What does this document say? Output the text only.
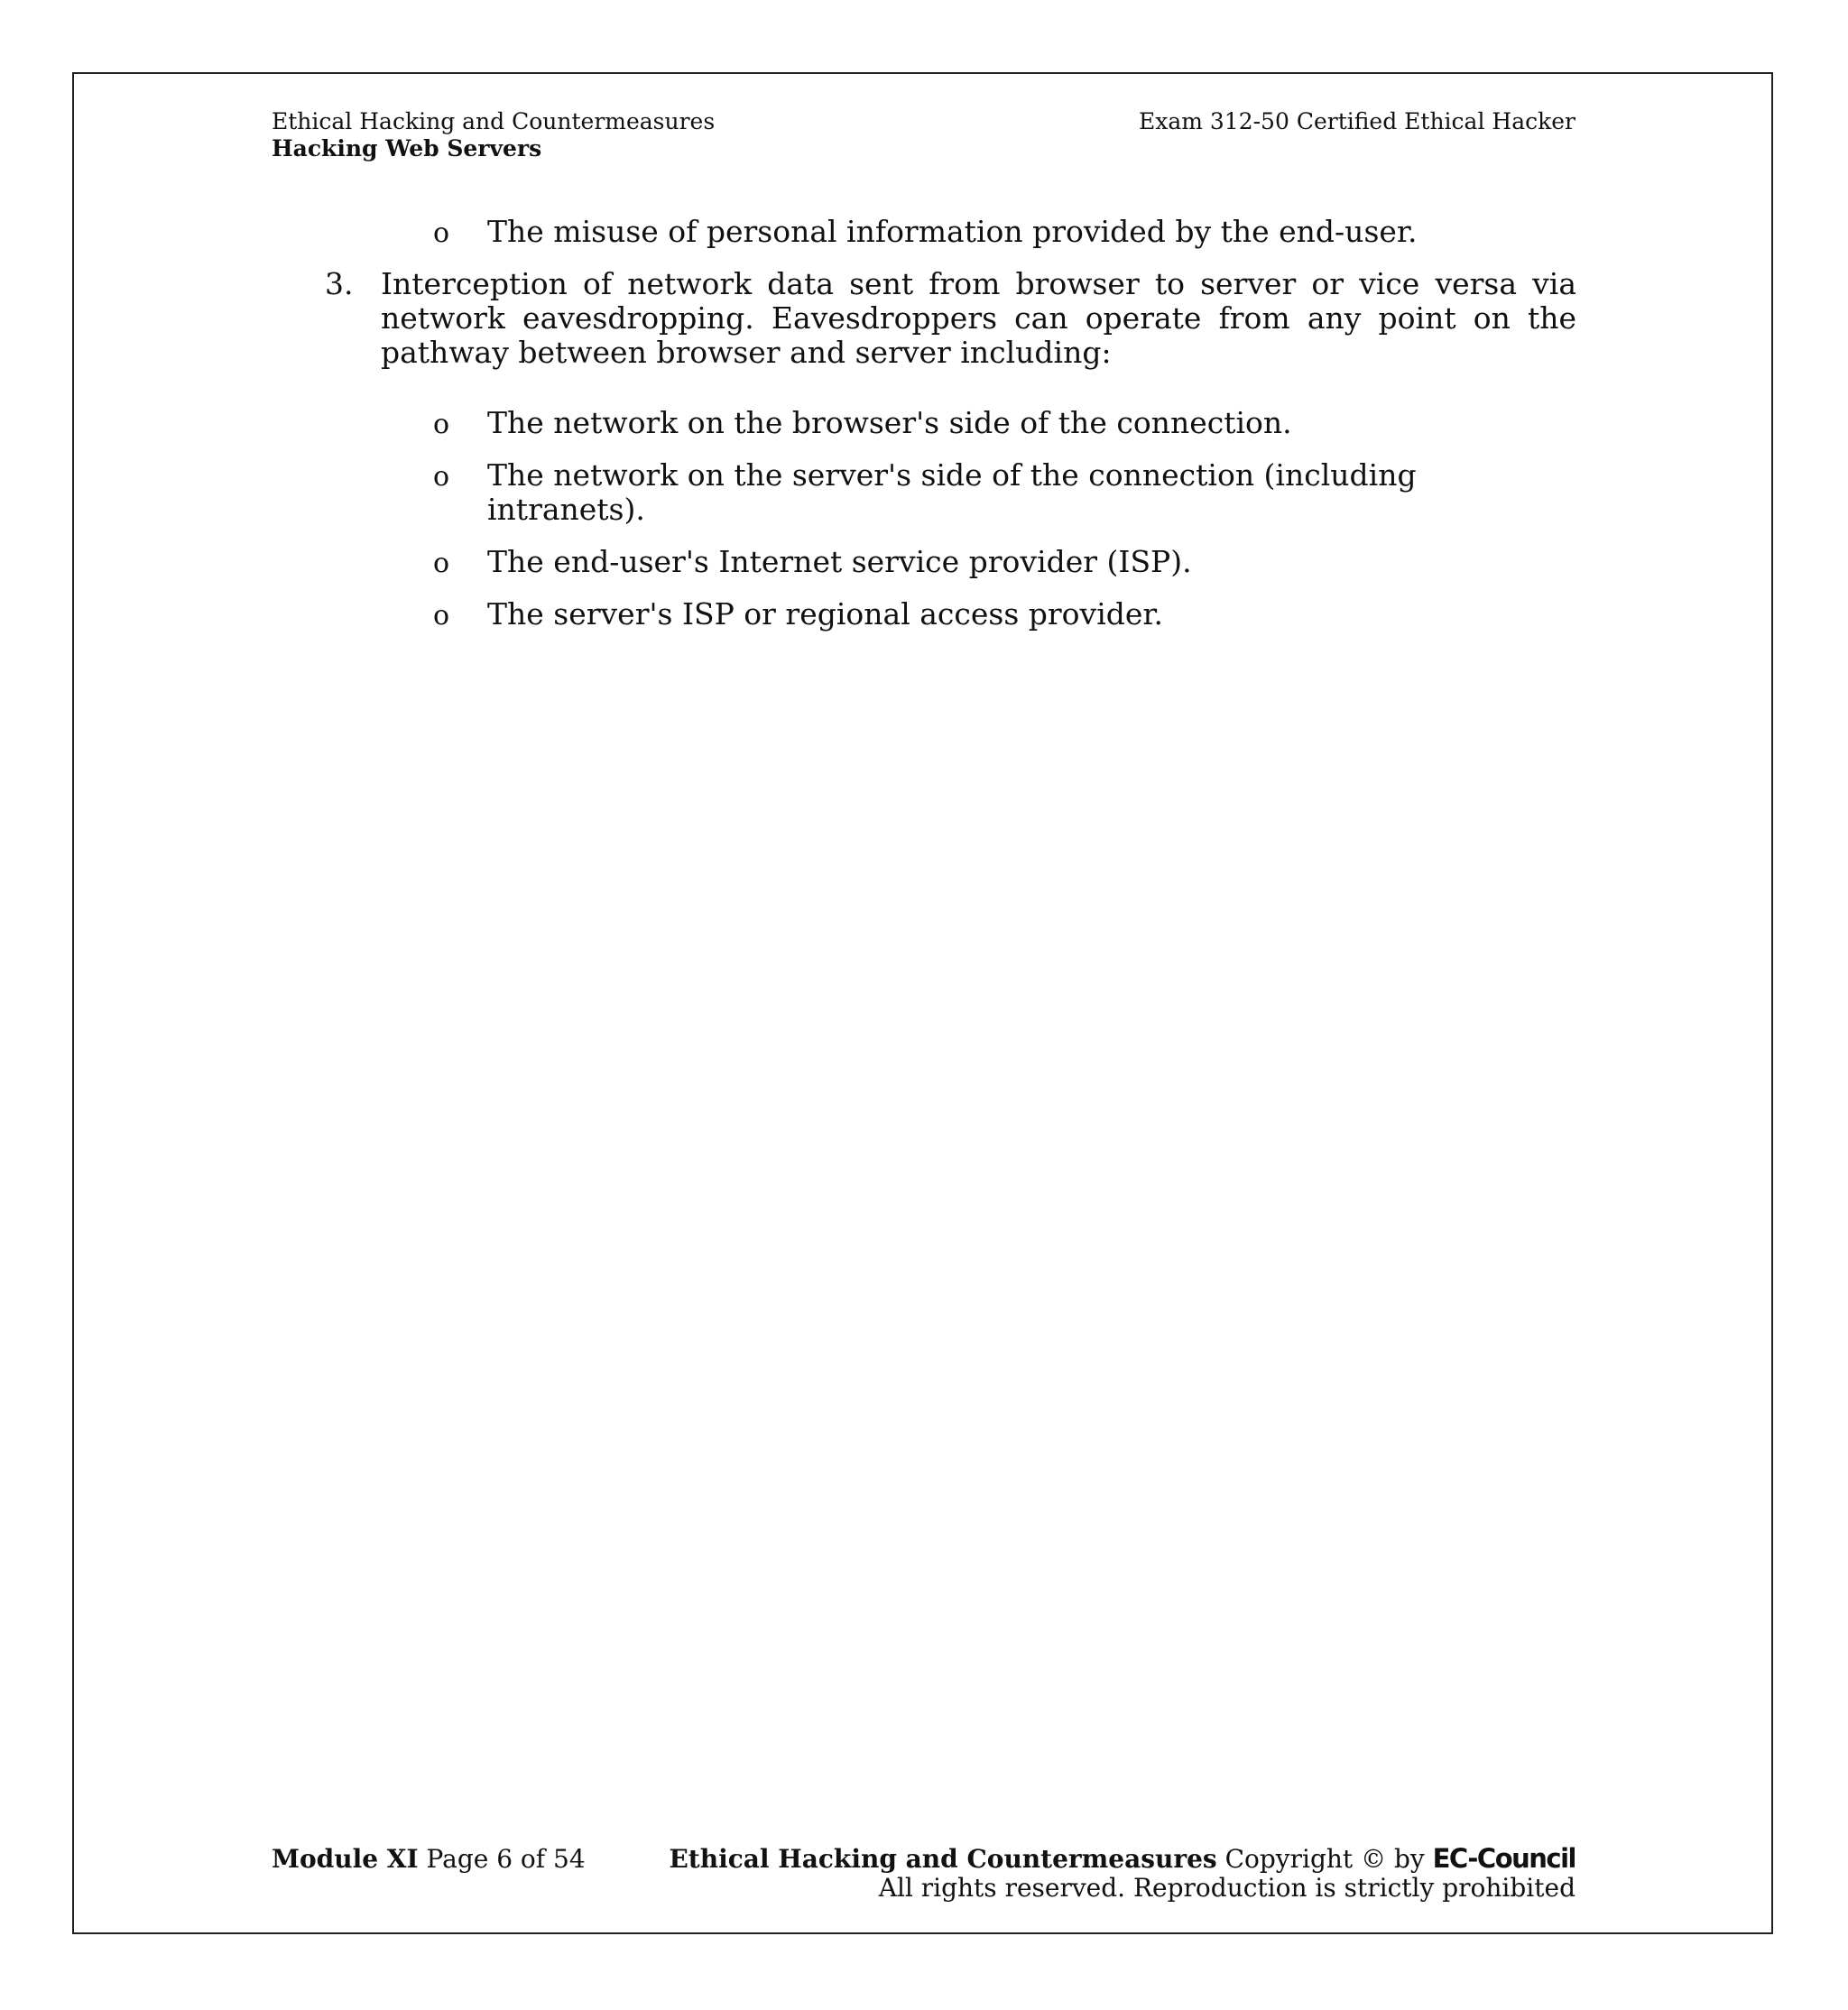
Ethical Hacking and Countermeasures
Hacking Web Servers
Exam 312-50 Certified Ethical Hacker

o The misuse of personal information provided by the end-user.

3. Interception of network data sent from browser to server or vice versa via network eavesdropping. Eavesdroppers can operate from any point on the pathway between browser and server including:

o The network on the browser's side of the connection.

o The network on the server's side of the connection (including intranets).

o The end-user's Internet service provider (ISP).

o The server's ISP or regional access provider.

Module XI Page 6 of 54	Ethical Hacking and Countermeasures Copyright © by EC-Council
All rights reserved. Reproduction is strictly prohibited
